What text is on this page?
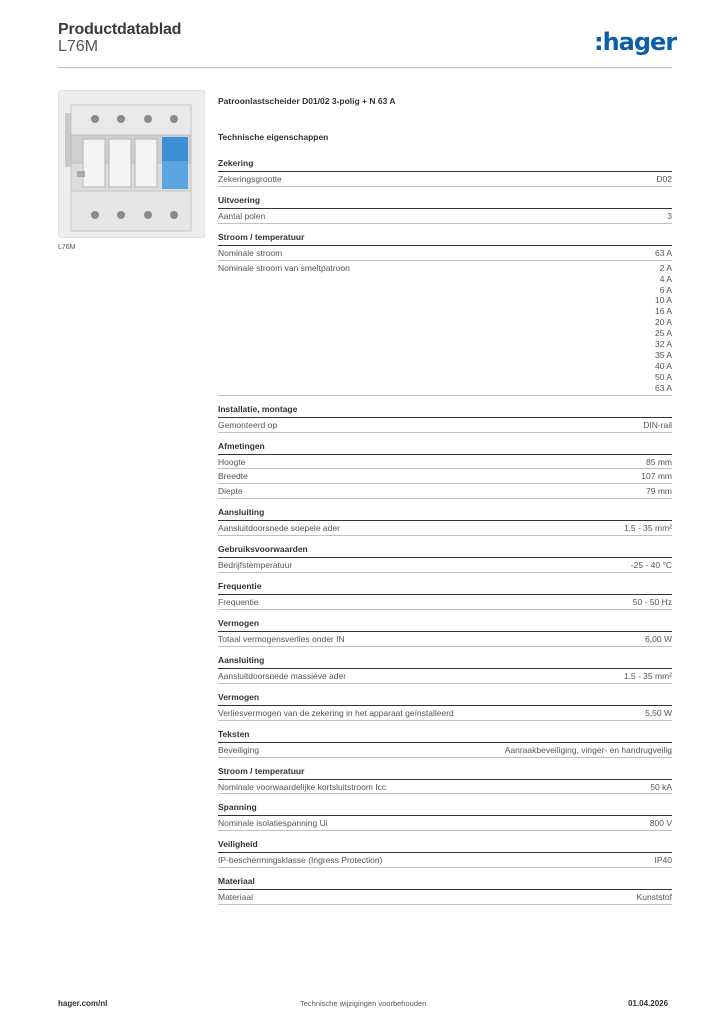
Productdatablad
L76M	:hager
L76M
Patroonlastscheider D01/02 3-polig + N 63 A
Technische eigenschappen
Zekering
Zekeringsgrootte	D02
Uitvoering
Aantal polen	3
Stroom / temperatuur
Nominale stroom	63 A
Nominale stroom van smeltpatroon	2 A
4 A
6 A
10 A
16 A
20 A
25 A
32 A
35 A
40 A
50 A
63 A
Installatie, montage
Gemonteerd op	DIN-rail
Afmetingen
Hoogte	85 mm
Breedte	107 mm
Diepte	79 mm
Aansluiting
Aansluitdoorsnede soepele ader	1.5 - 35 mm²
Gebruiksvoorwaarden
Bedrijfstemperatuur	-25 - 40 °C
Frequentie
Frequentie	50 - 50 Hz
Vermogen
Totaal vermogensverlies onder IN	6,00 W
Aansluiting
Aansluitdoorsnede massieve ader	1.5 - 35 mm²
Vermogen
Verliesvermogen van de zekering in het apparaat geïnstalleerd	5,50 W
Teksten
Beveiliging	Aanraakbeveiliging, vinger- en handrugveilig
Stroom / temperatuur
Nominale voorwaardelijke kortsluitstroom Icc	50 kA
Spanning
Nominale isolatiespanning Ui	800 V
Veiligheid
IP-beschermingsklasse (Ingress Protection)	IP40
Materiaal
Materiaal	Kunststof
hager.com/nl	Technische wijzigingen voorbehouden	01.04.2026
